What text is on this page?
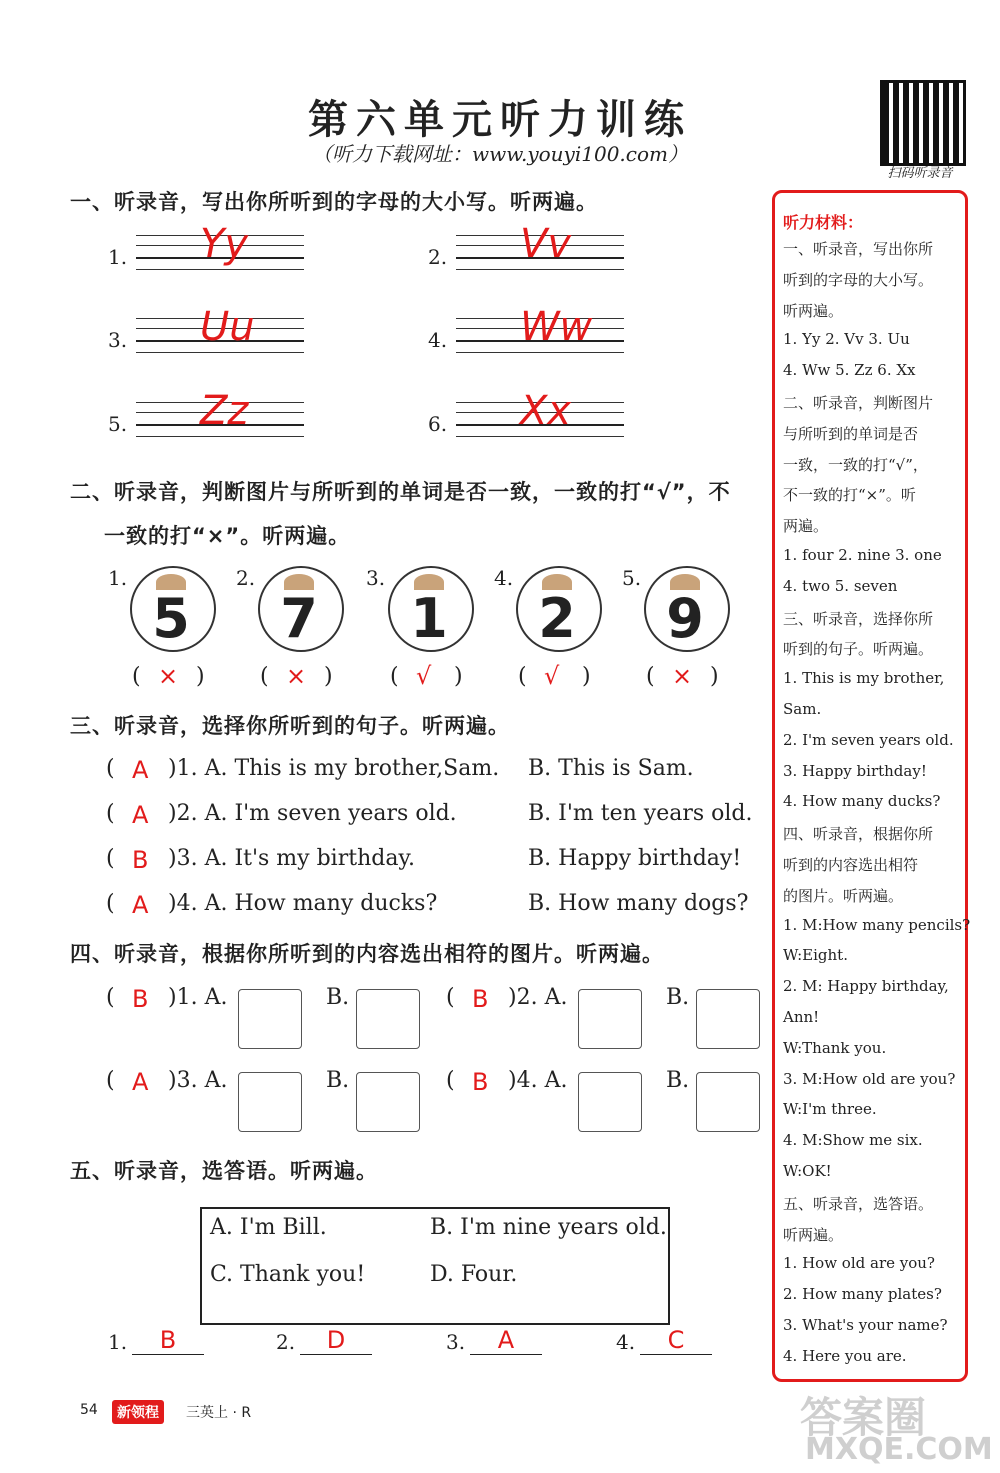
第六单元听力训练
（听力下载网址：www.youyi100.com）
扫码听录音
一、听录音，写出你所听到的字母的大小写。听两遍。
二、听录音，判断图片与所听到的单词是否一致，一致的打“√”，不
一致的打“×”。听两遍。
三、听录音，选择你所听到的句子。听两遍。
四、听录音，根据你所听到的内容选出相符的图片。听两遍。
五、听录音，选答语。听两遍。
A. I'm Bill.	B. I'm nine years old.
C. Thank you!	D. Four.
听力材料：
54	新领程	三英上 · R	答案圈
MXQE.COM
1. Yy	2. Vv
3. Uu	4. Ww
5. Zz	6. Xx
1.
5
( × )
2.
7
( × )
3.
1
( √ )
4.
2
( √ )
5.
9
( × )
( A )1. A. This is my brother,Sam. B. This is Sam.
( A )2. A. I'm seven years old.	B. I'm ten years old.
( B )3. A. It's my birthday.	B. Happy birthday!
( A )4. A. How many ducks?	B. How many dogs?
( B )1. A.	B.	( B )2. A.	B.
( A )3. A.	B.	( B )4. A.	B.
1.	B	2.	D	3.	A	4.	C
一、听录音，写出你所
听到的字母的大小写。
听两遍。
1. Yy 2. Vv 3. Uu
4. Ww 5. Zz 6. Xx
二、听录音，判断图片
与所听到的单词是否
一致，一致的打“√”，
不一致的打“×”。听
两遍。
1. four 2. nine 3. one
4. two 5. seven
三、听录音，选择你所
听到的句子。听两遍。
1. This is my brother,
Sam.
2. I'm seven years old.
3. Happy birthday!
4. How many ducks?
四、听录音，根据你所
听到的内容选出相符
的图片。听两遍。
1. M:How many pencils?
W:Eight.
2. M: Happy birthday,
Ann!
W:Thank you.
3. M:How old are you?
W:I'm three.
4. M:Show me six.
W:OK!
五、听录音，选答语。
听两遍。
1. How old are you?
2. How many plates?
3. What's your name?
4. Here you are.
